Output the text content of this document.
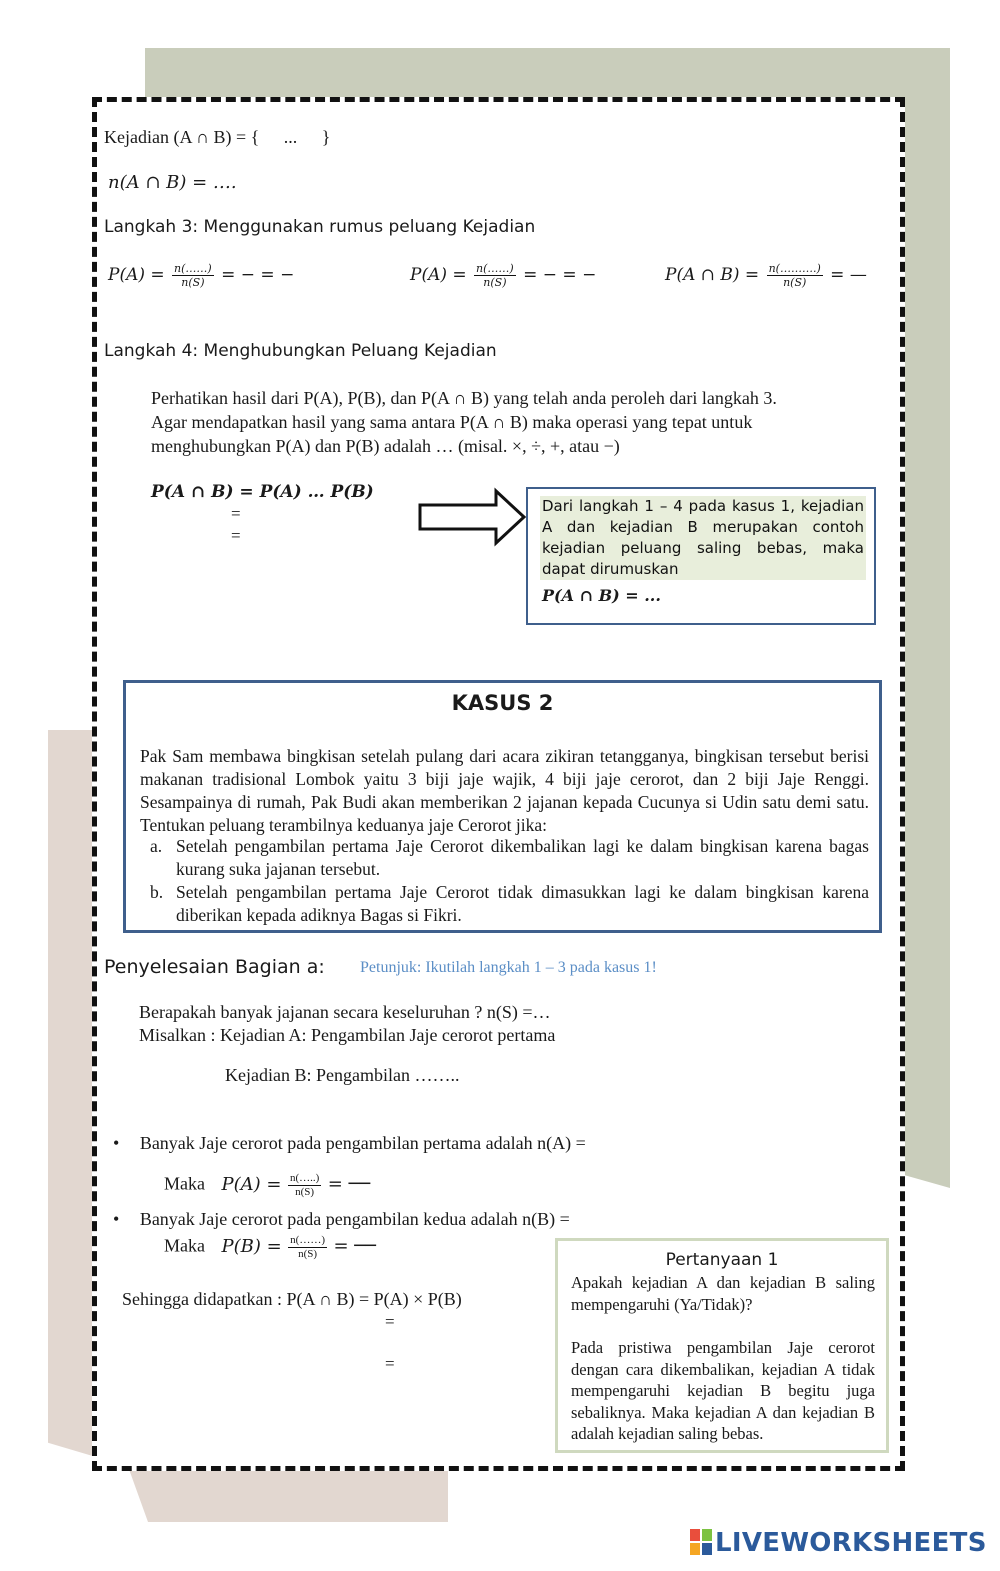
Kejadian (A ∩ B) = { ... }
n(A ∩ B) = ….
Langkah 3: Menggunakan rumus peluang Kejadian
$P(A) = \frac{n(\dots\dots)}{n(S)}$ = − = −	$P(A) = \frac{n(\dots\dots)}{n(S)}$ = − = −	P(A ∩ $B) = \frac{n(\dots\dots\dots.)}{n(S)}$ = —
Langkah 4: Menghubungkan Peluang Kejadian
Perhatikan hasil dari P(A), P(B), dan P(A ∩ B) yang telah anda peroleh dari langkah 3.
Agar mendapatkan hasil yang sama antara P(A ∩ B) maka operasi yang tepat untuk
menghubungkan P(A) dan P(B) adalah … (misal. ×, ÷, +, atau −)
P(A ∩ B) = P(A) … P(B)
=
=
Dari langkah 1 – 4 pada kasus 1, kejadian A dan kejadian B merupakan contoh kejadian peluang saling bebas, maka dapat dirumuskan
P(A ∩ B) = ...
KASUS 2
Pak Sam membawa bingkisan setelah pulang dari acara zikiran tetangganya, bingkisan tersebut berisi makanan tradisional Lombok yaitu 3 biji jaje wajik, 4 biji jaje cerorot, dan 2 biji Jaje Renggi. Sesampainya di rumah, Pak Budi akan memberikan 2 jajanan kepada Cucunya si Udin satu demi satu. Tentukan peluang terambilnya keduanya jaje Cerorot jika:
a. Setelah pengambilan pertama Jaje Cerorot dikembalikan lagi ke dalam bingkisan karena bagas kurang suka jajanan tersebut.
b. Setelah pengambilan pertama Jaje Cerorot tidak dimasukkan lagi ke dalam bingkisan karena diberikan kepada adiknya Bagas si Fikri.
Penyelesaian Bagian a: Petunjuk: Ikutilah langkah 1 – 3 pada kasus 1!
Berapakah banyak jajanan secara keseluruhan ? n(S) =…
Misalkan : Kejadian A: Pengambilan Jaje cerorot pertama
Kejadian B: Pengambilan ……..
• Banyak Jaje cerorot pada pengambilan pertama adalah n(A) =
Maka $P(A) = \frac{n(\dots..)}{n(S)}$ = ──
• Banyak Jaje cerorot pada pengambilan kedua adalah n(B) =
Maka $P(B) = \frac{n(\dots\dots)}{n(S)}$ = ──
Sehingga didapatkan : P(A ∩ B) = P(A) × P(B)
=
=
Pertanyaan 1
Apakah kejadian A dan kejadian B saling mempengaruhi (Ya/Tidak)?
Pada pristiwa pengambilan Jaje cerorot dengan cara dikembalikan, kejadian A tidak mempengaruhi kejadian B begitu juga sebaliknya. Maka kejadian A dan kejadian B adalah kejadian saling bebas.
LIVEWORKSHEETS
